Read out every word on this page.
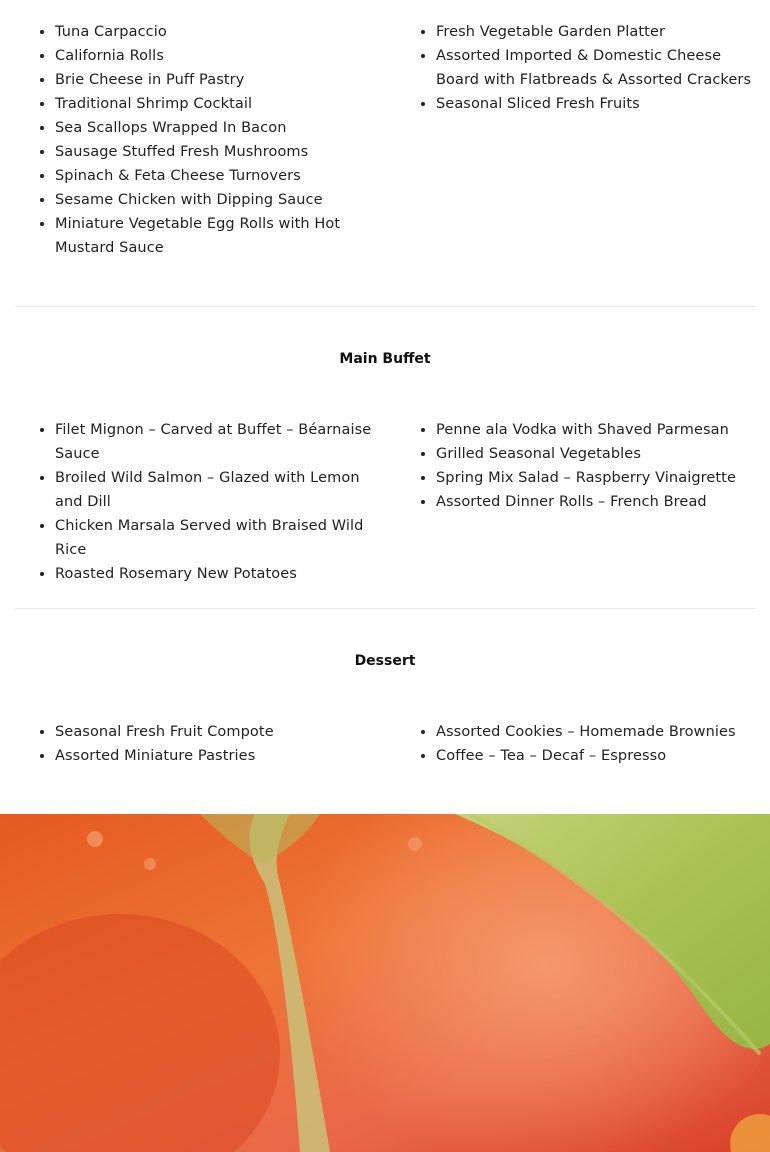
• Tuna Carpaccio
• California Rolls
• Brie Cheese in Puff Pastry
• Traditional Shrimp Cocktail
• Sea Scallops Wrapped In Bacon
• Sausage Stuffed Fresh Mushrooms
• Spinach & Feta Cheese Turnovers
• Sesame Chicken with Dipping Sauce
• Miniature Vegetable Egg Rolls with Hot Mustard Sauce
• Fresh Vegetable Garden Platter
• Assorted Imported & Domestic Cheese Board with Flatbreads & Assorted Crackers
• Seasonal Sliced Fresh Fruits
Main Buffet
• Filet Mignon – Carved at Buffet – Béarnaise Sauce
• Broiled Wild Salmon – Glazed with Lemon and Dill
• Chicken Marsala Served with Braised Wild Rice
• Roasted Rosemary New Potatoes
• Penne ala Vodka with Shaved Parmesan
• Grilled Seasonal Vegetables
• Spring Mix Salad – Raspberry Vinaigrette
• Assorted Dinner Rolls – French Bread
Dessert
• Seasonal Fresh Fruit Compote
• Assorted Miniature Pastries
• Assorted Cookies – Homemade Brownies
• Coffee – Tea – Decaf – Espresso
